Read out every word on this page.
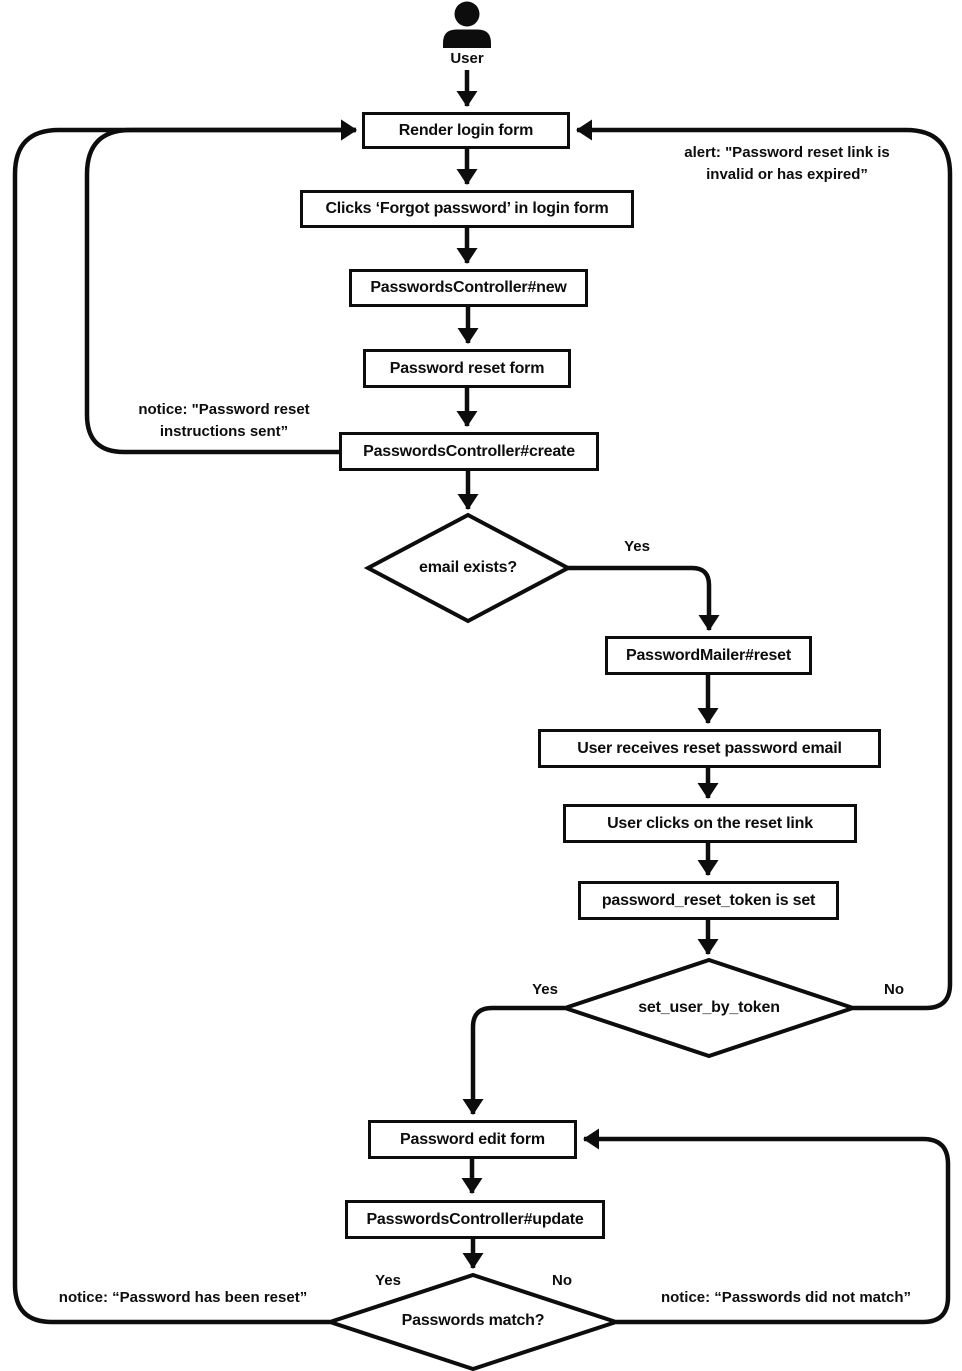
User
Render login form
Clicks ‘Forgot password’ in login form
PasswordsController#new
Password reset form
PasswordsController#create
PasswordMailer#reset
User receives reset password email
User clicks on the reset link
password_reset_token is set
Password edit form
PasswordsController#update
email exists?
set_user_by_token
Passwords match?
Yes
Yes	No
Yes	No
notice: "Password reset
instructions sent”
alert: "Password reset link is
invalid or has expired”
notice: “Password has been reset”	notice: “Passwords did not match”
